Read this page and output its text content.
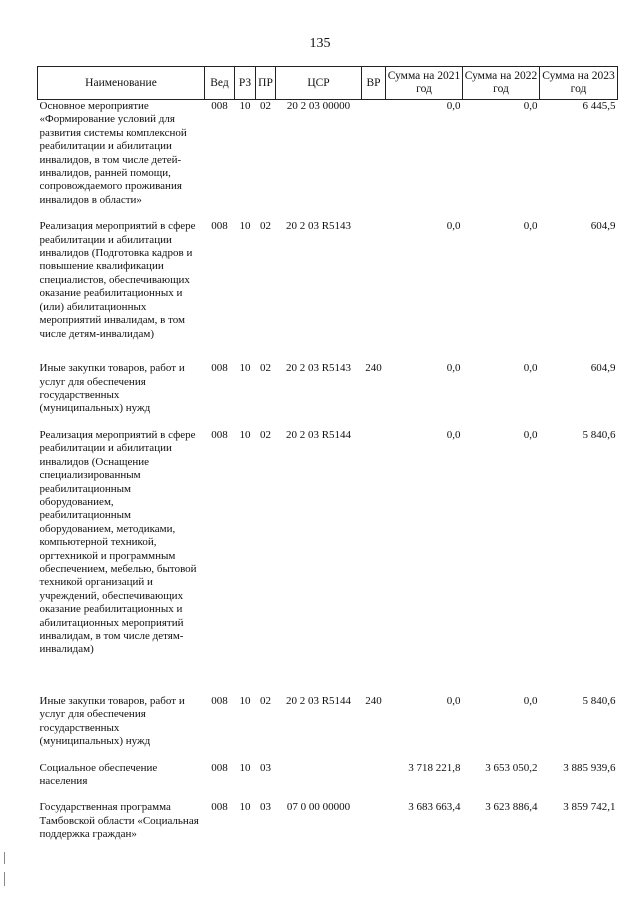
135
Наименование	Вед	РЗ	ПР	ЦСР	ВР	Сумма на 2021 год	Сумма на 2022 год	Сумма на 2023 год
Основное мероприятие «Формирование условий для развития системы комплексной реабилитации и абилитации инвалидов, в том числе детей-инвалидов, ранней помощи, сопровождаемого проживания инвалидов в области»	008	10	02	20 2 03 00000		0,0	0,0	6 445,5
Реализация мероприятий в сфере реабилитации и абилитации инвалидов (Подготовка кадров и повышение квалификации специалистов, обеспечивающих оказание реабилитационных и (или) абилитационных мероприятий инвалидам, в том числе детям-инвалидам)	008	10	02	20 2 03 R5143		0,0	0,0	604,9
Иные закупки товаров, работ и услуг для обеспечения государственных (муниципальных) нужд	008	10	02	20 2 03 R5143	240	0,0	0,0	604,9
Реализация мероприятий в сфере реабилитации и абилитации инвалидов (Оснащение специализированным реабилитационным оборудованием, реабилитационным оборудованием, методиками, компьютерной техникой, оргтехникой и программным обеспечением, мебелью, бытовой техникой организаций и учреждений, обеспечивающих оказание реабилитационных и абилитационных мероприятий инвалидам, в том числе детям-инвалидам)	008	10	02	20 2 03 R5144		0,0	0,0	5 840,6
Иные закупки товаров, работ и услуг для обеспечения государственных (муниципальных) нужд	008	10	02	20 2 03 R5144	240	0,0	0,0	5 840,6
Социальное обеспечение населения	008	10	03			3 718 221,8	3 653 050,2	3 885 939,6
Государственная программа Тамбовской области «Социальная поддержка граждан»	008	10	03	07 0 00 00000		3 683 663,4	3 623 886,4	3 859 742,1
